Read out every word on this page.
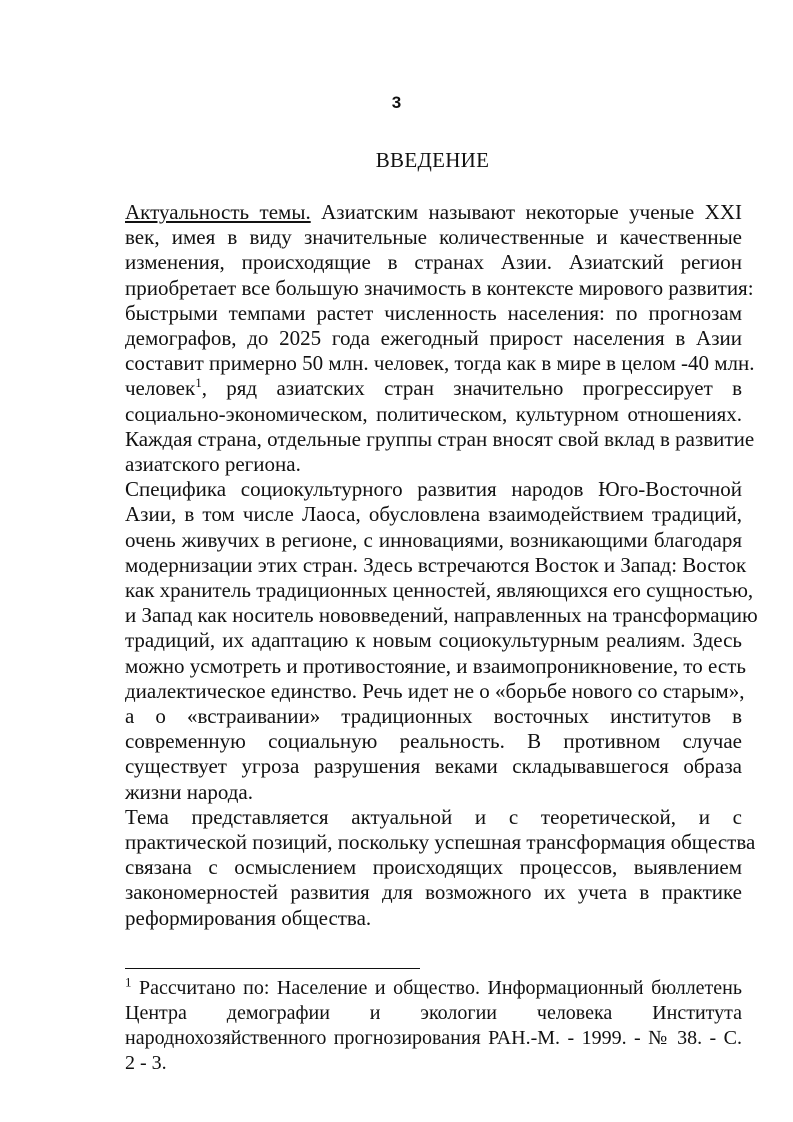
3
ВВЕДЕНИЕ

Актуальность темы. Азиатским называют некоторые ученые XXI
век, имея в виду значительные количественные и качественные
изменения, происходящие в странах Азии. Азиатский регион
приобретает все большую значимость в контексте мирового развития:
быстрыми темпами растет численность населения: по прогнозам
демографов, до 2025 года ежегодный прирост населения в Азии
составит примерно 50 млн. человек, тогда как в мире в целом -40 млн.
человек$^1$, ряд азиатских стран значительно прогрессирует в
социально-экономическом, политическом, культурном отношениях.
Каждая страна, отдельные группы стран вносят свой вклад в развитие
азиатского региона.

Специфика социокультурного развития народов Юго-Восточной
Азии, в том числе Лаоса, обусловлена взаимодействием традиций,
очень живучих в регионе, с инновациями, возникающими благодаря
модернизации этих стран. Здесь встречаются Восток и Запад: Восток
как хранитель традиционных ценностей, являющихся его сущностью,
и Запад как носитель нововведений, направленных на трансформацию
традиций, их адаптацию к новым социокультурным реалиям. Здесь
можно усмотреть и противостояние, и взаимопроникновение, то есть
диалектическое единство. Речь идет не о «борьбе нового со старым»,
а о «встраивании» традиционных восточных институтов в
современную социальную реальность. В противном случае
существует угроза разрушения веками складывавшегося образа
жизни народа.

Тема представляется актуальной и с теоретической, и с
практической позиций, поскольку успешная трансформация общества
связана с осмыслением происходящих процессов, выявлением
закономерностей развития для возможного их учета в практике
реформирования общества.

$^1$ Рассчитано по: Население и общество. Информационный бюллетень
Центра демографии и экологии человека Института
народнохозяйственного прогнозирования РАН.-М. - 1999. - № 38. - С.
2 - 3.
